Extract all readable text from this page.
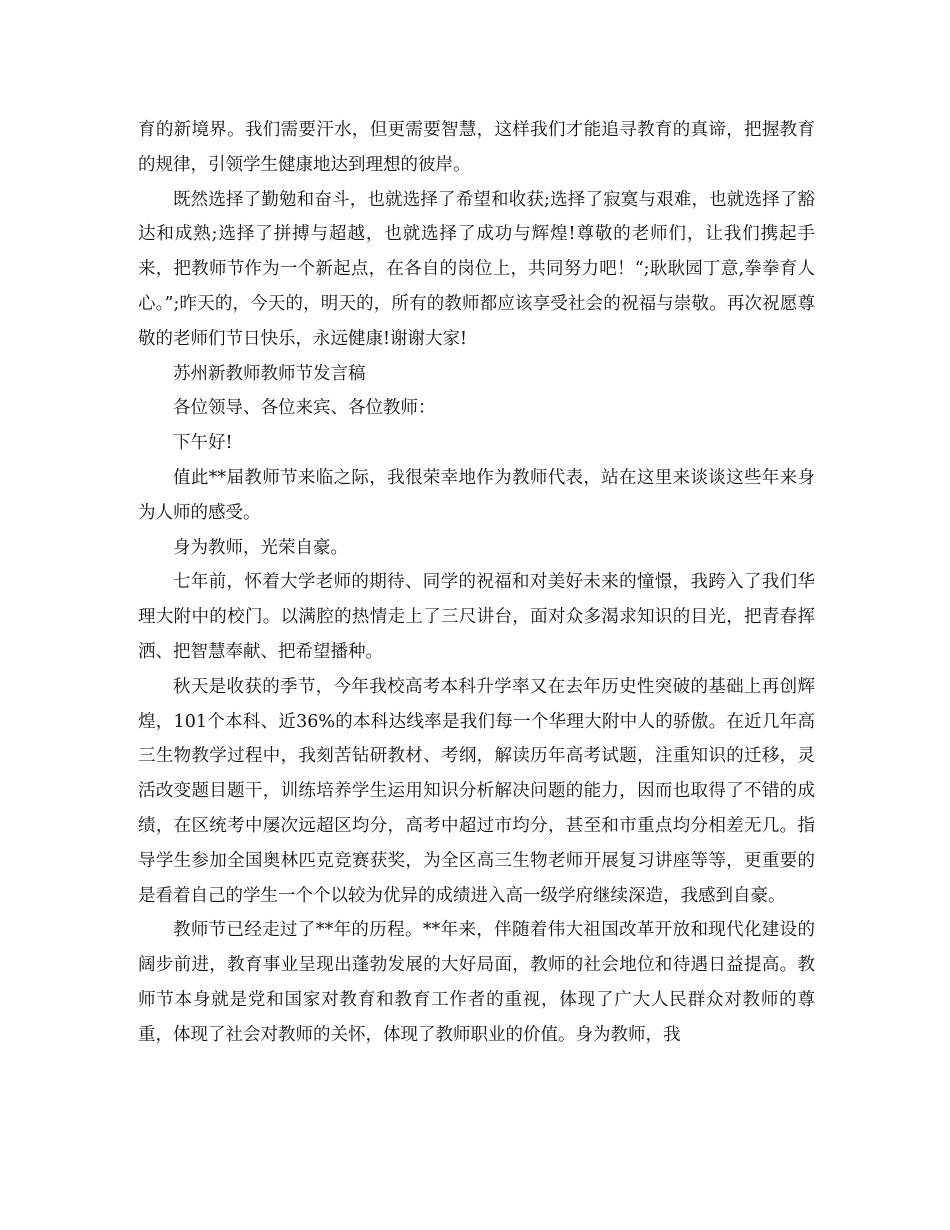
育的新境界。我们需要汗水，但更需要智慧，这样我们才能追寻教育的真谛，把握教育的规律，引领学生健康地达到理想的彼岸。

既然选择了勤勉和奋斗，也就选择了希望和收获;选择了寂寞与艰难，也就选择了豁达和成熟;选择了拼搏与超越，也就选择了成功与辉煌!尊敬的老师们，让我们携起手来，把教师节作为一个新起点，在各自的岗位上，共同努力吧！“;耿耿园丁意,拳拳育人心。”;昨天的，今天的，明天的，所有的教师都应该享受社会的祝福与崇敬。再次祝愿尊敬的老师们节日快乐，永远健康!谢谢大家!

苏州新教师教师节发言稿

各位领导、各位来宾、各位教师：

下午好!

值此**届教师节来临之际，我很荣幸地作为教师代表，站在这里来谈谈这些年来身为人师的感受。

身为教师，光荣自豪。

七年前，怀着大学老师的期待、同学的祝福和对美好未来的憧憬，我跨入了我们华理大附中的校门。以满腔的热情走上了三尺讲台，面对众多渴求知识的目光，把青春挥洒、把智慧奉献、把希望播种。

秋天是收获的季节，今年我校高考本科升学率又在去年历史性突破的基础上再创辉煌，101个本科、近36%的本科达线率是我们每一个华理大附中人的骄傲。在近几年高三生物教学过程中，我刻苦钻研教材、考纲，解读历年高考试题，注重知识的迁移，灵活改变题目题干，训练培养学生运用知识分析解决问题的能力，因而也取得了不错的成绩，在区统考中屡次远超区均分，高考中超过市均分，甚至和市重点均分相差无几。指导学生参加全国奥林匹克竞赛获奖，为全区高三生物老师开展复习讲座等等，更重要的是看着自己的学生一个个以较为优异的成绩进入高一级学府继续深造，我感到自豪。

教师节已经走过了**年的历程。**年来，伴随着伟大祖国改革开放和现代化建设的阔步前进，教育事业呈现出蓬勃发展的大好局面，教师的社会地位和待遇日益提高。教师节本身就是党和国家对教育和教育工作者的重视，体现了广大人民群众对教师的尊重，体现了社会对教师的关怀，体现了教师职业的价值。身为教师，我
